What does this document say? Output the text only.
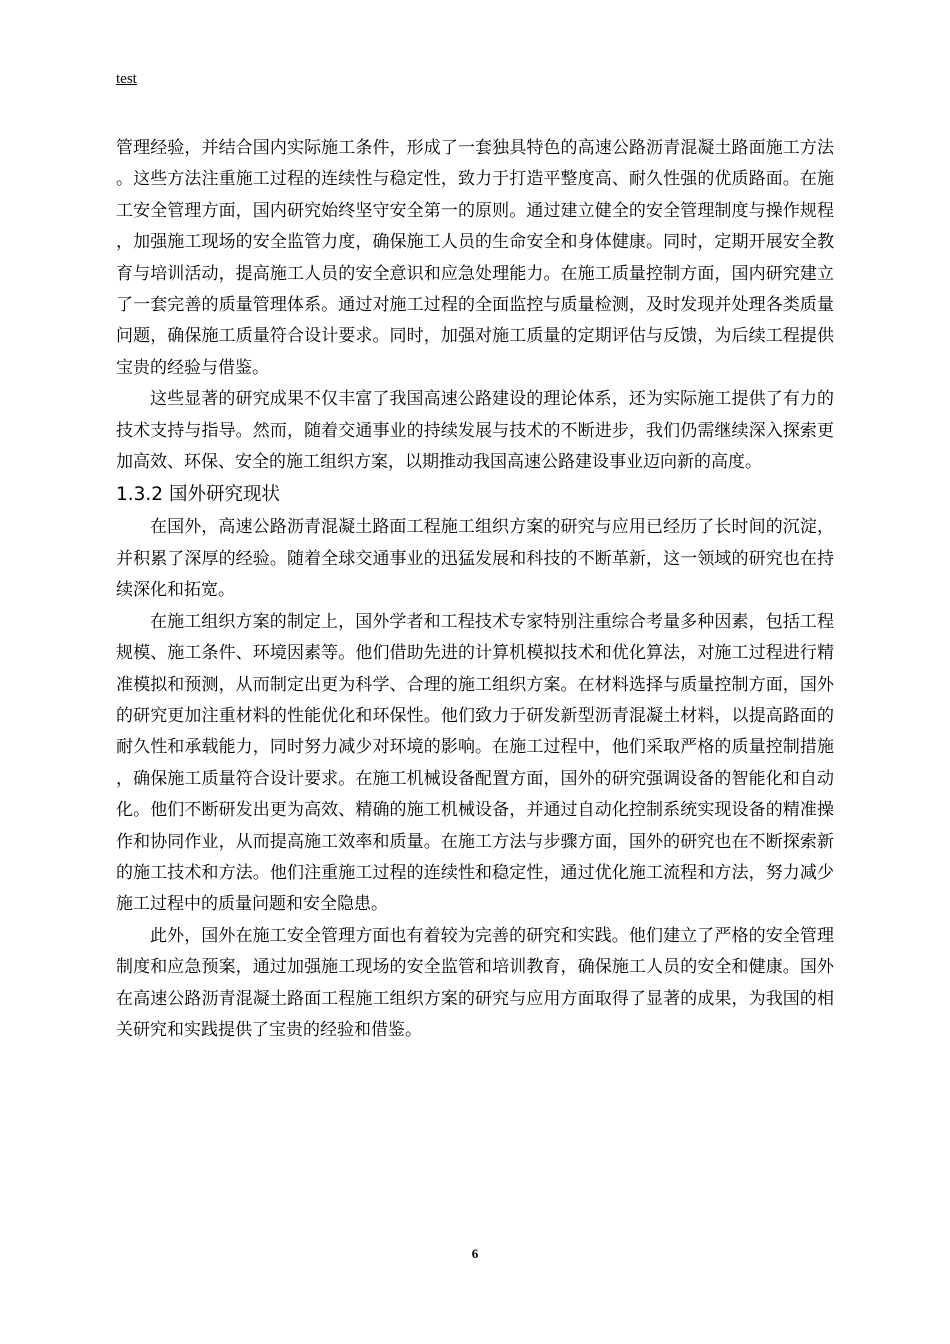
test

管理经验，并结合国内实际施工条件，形成了一套独具特色的高速公路沥青混凝土路面施工方法。这些方法注重施工过程的连续性与稳定性，致力于打造平整度高、耐久性强的优质路面。在施工安全管理方面，国内研究始终坚守安全第一的原则。通过建立健全的安全管理制度与操作规程，加强施工现场的安全监管力度，确保施工人员的生命安全和身体健康。同时，定期开展安全教育与培训活动，提高施工人员的安全意识和应急处理能力。在施工质量控制方面，国内研究建立了一套完善的质量管理体系。通过对施工过程的全面监控与质量检测，及时发现并处理各类质量问题，确保施工质量符合设计要求。同时，加强对施工质量的定期评估与反馈，为后续工程提供宝贵的经验与借鉴。

这些显著的研究成果不仅丰富了我国高速公路建设的理论体系，还为实际施工提供了有力的技术支持与指导。然而，随着交通事业的持续发展与技术的不断进步，我们仍需继续深入探索更加高效、环保、安全的施工组织方案，以期推动我国高速公路建设事业迈向新的高度。

1.3.2 国外研究现状

在国外，高速公路沥青混凝土路面工程施工组织方案的研究与应用已经历了长时间的沉淀，并积累了深厚的经验。随着全球交通事业的迅猛发展和科技的不断革新，这一领域的研究也在持续深化和拓宽。

在施工组织方案的制定上，国外学者和工程技术专家特别注重综合考量多种因素，包括工程规模、施工条件、环境因素等。他们借助先进的计算机模拟技术和优化算法，对施工过程进行精准模拟和预测，从而制定出更为科学、合理的施工组织方案。在材料选择与质量控制方面，国外的研究更加注重材料的性能优化和环保性。他们致力于研发新型沥青混凝土材料，以提高路面的耐久性和承载能力，同时努力减少对环境的影响。在施工过程中，他们采取严格的质量控制措施，确保施工质量符合设计要求。在施工机械设备配置方面，国外的研究强调设备的智能化和自动化。他们不断研发出更为高效、精确的施工机械设备，并通过自动化控制系统实现设备的精准操作和协同作业，从而提高施工效率和质量。在施工方法与步骤方面，国外的研究也在不断探索新的施工技术和方法。他们注重施工过程的连续性和稳定性，通过优化施工流程和方法，努力减少施工过程中的质量问题和安全隐患。

此外，国外在施工安全管理方面也有着较为完善的研究和实践。他们建立了严格的安全管理制度和应急预案，通过加强施工现场的安全监管和培训教育，确保施工人员的安全和健康。国外在高速公路沥青混凝土路面工程施工组织方案的研究与应用方面取得了显著的成果，为我国的相关研究和实践提供了宝贵的经验和借鉴。

6
